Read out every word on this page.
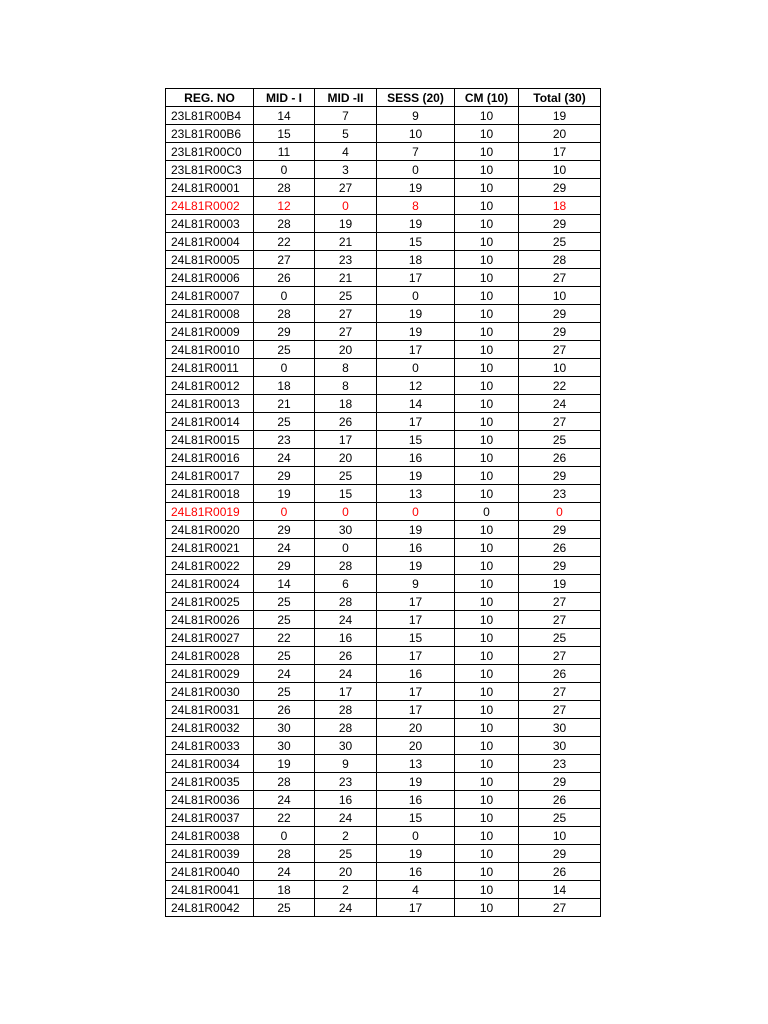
REG. NO	MID - I	MID -II	SESS (20)	CM (10)	Total (30)
23L81R00B4	14	7	9	10	19
23L81R00B6	15	5	10	10	20
23L81R00C0	11	4	7	10	17
23L81R00C3	0	3	0	10	10
24L81R0001	28	27	19	10	29
24L81R0002	12	0	8	10	18
24L81R0003	28	19	19	10	29
24L81R0004	22	21	15	10	25
24L81R0005	27	23	18	10	28
24L81R0006	26	21	17	10	27
24L81R0007	0	25	0	10	10
24L81R0008	28	27	19	10	29
24L81R0009	29	27	19	10	29
24L81R0010	25	20	17	10	27
24L81R0011	0	8	0	10	10
24L81R0012	18	8	12	10	22
24L81R0013	21	18	14	10	24
24L81R0014	25	26	17	10	27
24L81R0015	23	17	15	10	25
24L81R0016	24	20	16	10	26
24L81R0017	29	25	19	10	29
24L81R0018	19	15	13	10	23
24L81R0019	0	0	0	0	0
24L81R0020	29	30	19	10	29
24L81R0021	24	0	16	10	26
24L81R0022	29	28	19	10	29
24L81R0024	14	6	9	10	19
24L81R0025	25	28	17	10	27
24L81R0026	25	24	17	10	27
24L81R0027	22	16	15	10	25
24L81R0028	25	26	17	10	27
24L81R0029	24	24	16	10	26
24L81R0030	25	17	17	10	27
24L81R0031	26	28	17	10	27
24L81R0032	30	28	20	10	30
24L81R0033	30	30	20	10	30
24L81R0034	19	9	13	10	23
24L81R0035	28	23	19	10	29
24L81R0036	24	16	16	10	26
24L81R0037	22	24	15	10	25
24L81R0038	0	2	0	10	10
24L81R0039	28	25	19	10	29
24L81R0040	24	20	16	10	26
24L81R0041	18	2	4	10	14
24L81R0042	25	24	17	10	27
